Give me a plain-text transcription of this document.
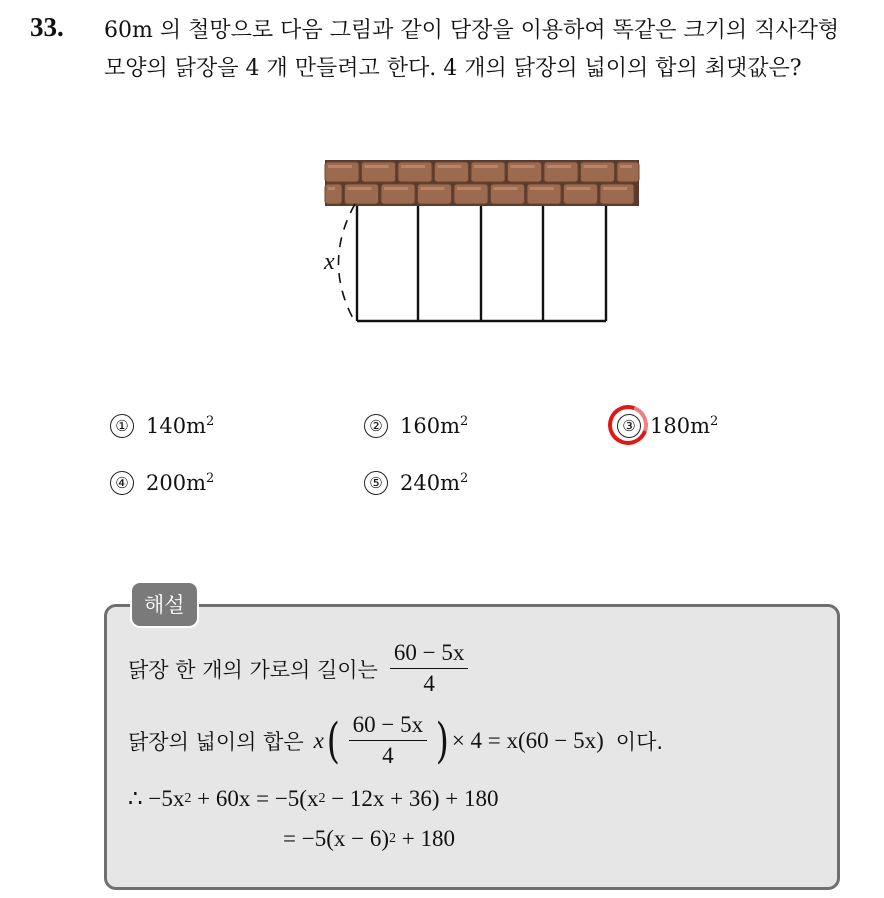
33. 60m 의 철망으로 다음 그림과 같이 담장을 이용하여 똑같은 크기의 직사각형 모양의 닭장을 4 개 만들려고 한다. 4 개의 닭장의 넓이의 합의 최댓값은?

x
① $140m^2$	② $160m^2$	③ $180m^2$
④ $200m^2$	⑤ $240m^2$
해설
닭장 한 개의 가로의 길이는 $\frac{60 - 5x}{4}$
닭장의 넓이의 합은 x ( $\frac{60 - 5x}{4}$ ) × 4 = x(60 − 5x) 이다.
∴
−5x 2
+ 60x = −5(x 2
− 12x + 36) + 180
= −5(x − 6) 2
+ 180
